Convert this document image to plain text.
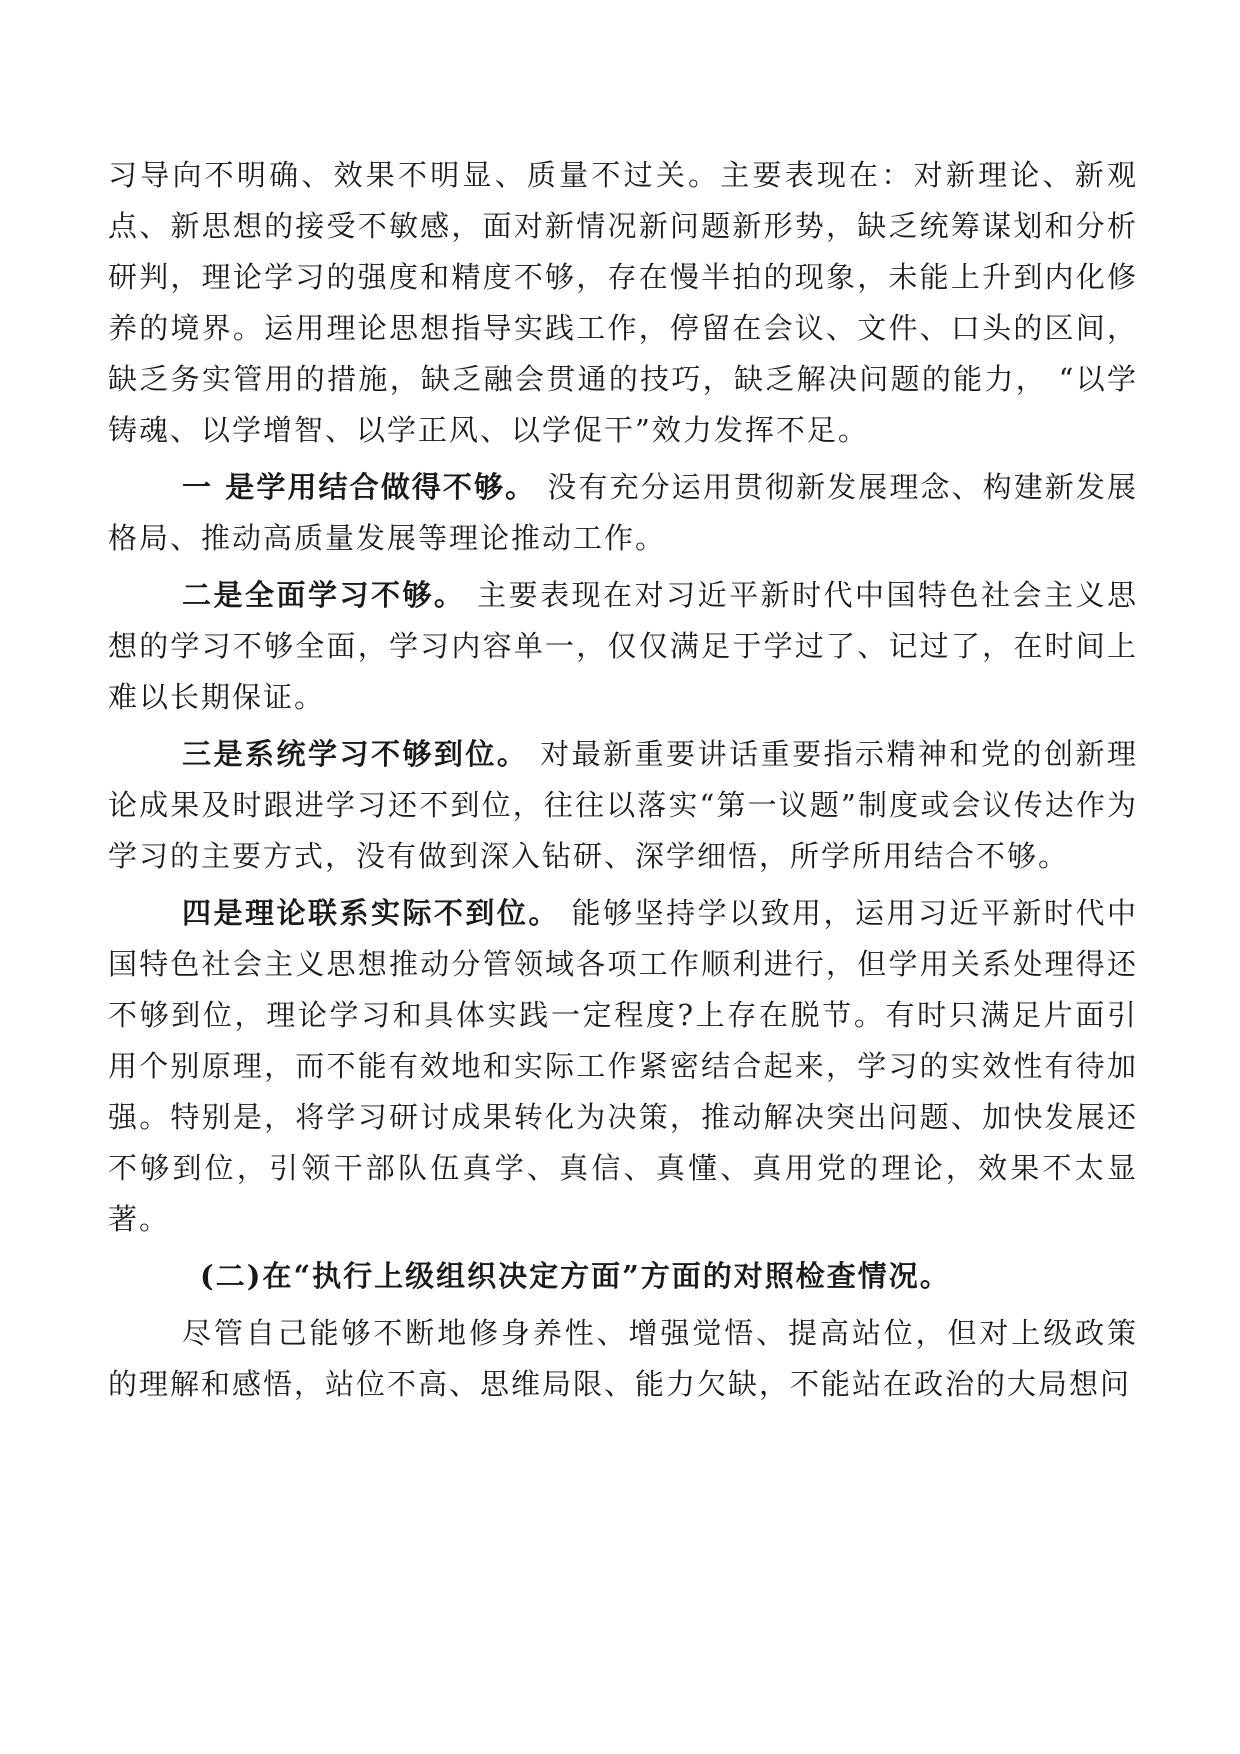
习导向不明确、效果不明显、质量不过关。主要表现在：对新理论、新观点、新思想的接受不敏感，面对新情况新问题新形势，缺乏统筹谋划和分析研判，理论学习的强度和精度不够，存在慢半拍的现象，未能上升到内化修养的境界。运用理论思想指导实践工作，停留在会议、文件、口头的区间，缺乏务实管用的措施，缺乏融会贯通的技巧，缺乏解决问题的能力， “以学铸魂、以学增智、以学正风、以学促干”效力发挥不足。

一 是学用结合做得不够。 没有充分运用贯彻新发展理念、构建新发展格局、推动高质量发展等理论推动工作。

二是全面学习不够。 主要表现在对习近平新时代中国特色社会主义思想的学习不够全面，学习内容单一，仅仅满足于学过了、记过了，在时间上难以长期保证。

三是系统学习不够到位。 对最新重要讲话重要指示精神和党的创新理论成果及时跟进学习还不到位，往往以落实“第一议题”制度或会议传达作为学习的主要方式，没有做到深入钻研、深学细悟，所学所用结合不够。

四是理论联系实际不到位。 能够坚持学以致用，运用习近平新时代中国特色社会主义思想推动分管领域各项工作顺利进行，但学用关系处理得还不够到位，理论学习和具体实践一定程度?上存在脱节。有时只满足片面引用个别原理，而不能有效地和实际工作紧密结合起来，学习的实效性有待加强。特别是，将学习研讨成果转化为决策，推动解决突出问题、加快发展还不够到位，引领干部队伍真学、真信、真懂、真用党的理论，效果不太显著。

(二)在“执行上级组织决定方面”方面的对照检查情况。

尽管自己能够不断地修身养性、增强觉悟、提高站位，但对上级政策的理解和感悟，站位不高、思维局限、能力欠缺，不能站在政治的大局想问
